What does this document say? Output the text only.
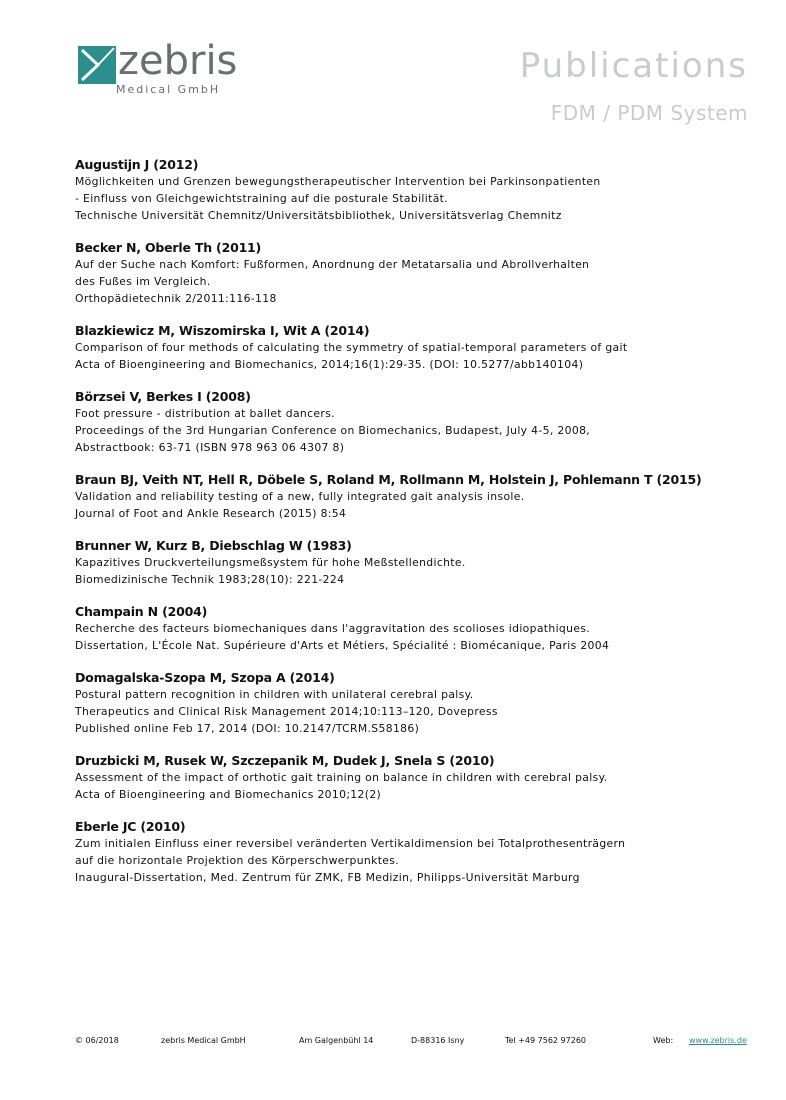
zebris
Medical GmbH
Publications
FDM / PDM System
Augustijn J (2012)
Möglichkeiten und Grenzen bewegungstherapeutischer Intervention bei Parkinsonpatienten
- Einfluss von Gleichgewichtstraining auf die posturale Stabilität.
Technische Universität Chemnitz/Universitätsbibliothek, Universitätsverlag Chemnitz
Becker N, Oberle Th (2011)
Auf der Suche nach Komfort: Fußformen, Anordnung der Metatarsalia und Abrollverhalten
des Fußes im Vergleich.
Orthopädietechnik 2/2011:116-118
Blazkiewicz M, Wiszomirska I, Wit A (2014)
Comparison of four methods of calculating the symmetry of spatial-temporal parameters of gait
Acta of Bioengineering and Biomechanics, 2014;16(1):29-35. (DOI: 10.5277/abb140104)
Börzsei V, Berkes I (2008)
Foot pressure - distribution at ballet dancers.
Proceedings of the 3rd Hungarian Conference on Biomechanics, Budapest, July 4-5, 2008,
Abstractbook: 63-71 (ISBN 978 963 06 4307 8)
Braun BJ, Veith NT, Hell R, Döbele S, Roland M, Rollmann M, Holstein J, Pohlemann T (2015)
Validation and reliability testing of a new, fully integrated gait analysis insole.
Journal of Foot and Ankle Research (2015) 8:54
Brunner W, Kurz B, Diebschlag W (1983)
Kapazitives Druckverteilungsmeßsystem für hohe Meßstellendichte.
Biomedizinische Technik 1983;28(10): 221-224
Champain N (2004)
Recherche des facteurs biomechaniques dans l'aggravitation des scolioses idiopathiques.
Dissertation, L'École Nat. Supérieure d'Arts et Métiers, Spécialité : Biomécanique, Paris 2004
Domagalska-Szopa M, Szopa A (2014)
Postural pattern recognition in children with unilateral cerebral palsy.
Therapeutics and Clinical Risk Management 2014;10:113–120, Dovepress
Published online Feb 17, 2014 (DOI: 10.2147/TCRM.S58186)
Druzbicki M, Rusek W, Szczepanik M, Dudek J, Snela S (2010)
Assessment of the impact of orthotic gait training on balance in children with cerebral palsy.
Acta of Bioengineering and Biomechanics 2010;12(2)
Eberle JC (2010)
Zum initialen Einfluss einer reversibel veränderten Vertikaldimension bei Totalprothesenträgern
auf die horizontale Projektion des Körperschwerpunktes.
Inaugural-Dissertation, Med. Zentrum für ZMK, FB Medizin, Philipps-Universität Marburg
© 06/2018	zebris Medical GmbH	Am Galgenbühl 14	D-88316 Isny	Tel +49 7562 97260	Web: www.zebris.de
